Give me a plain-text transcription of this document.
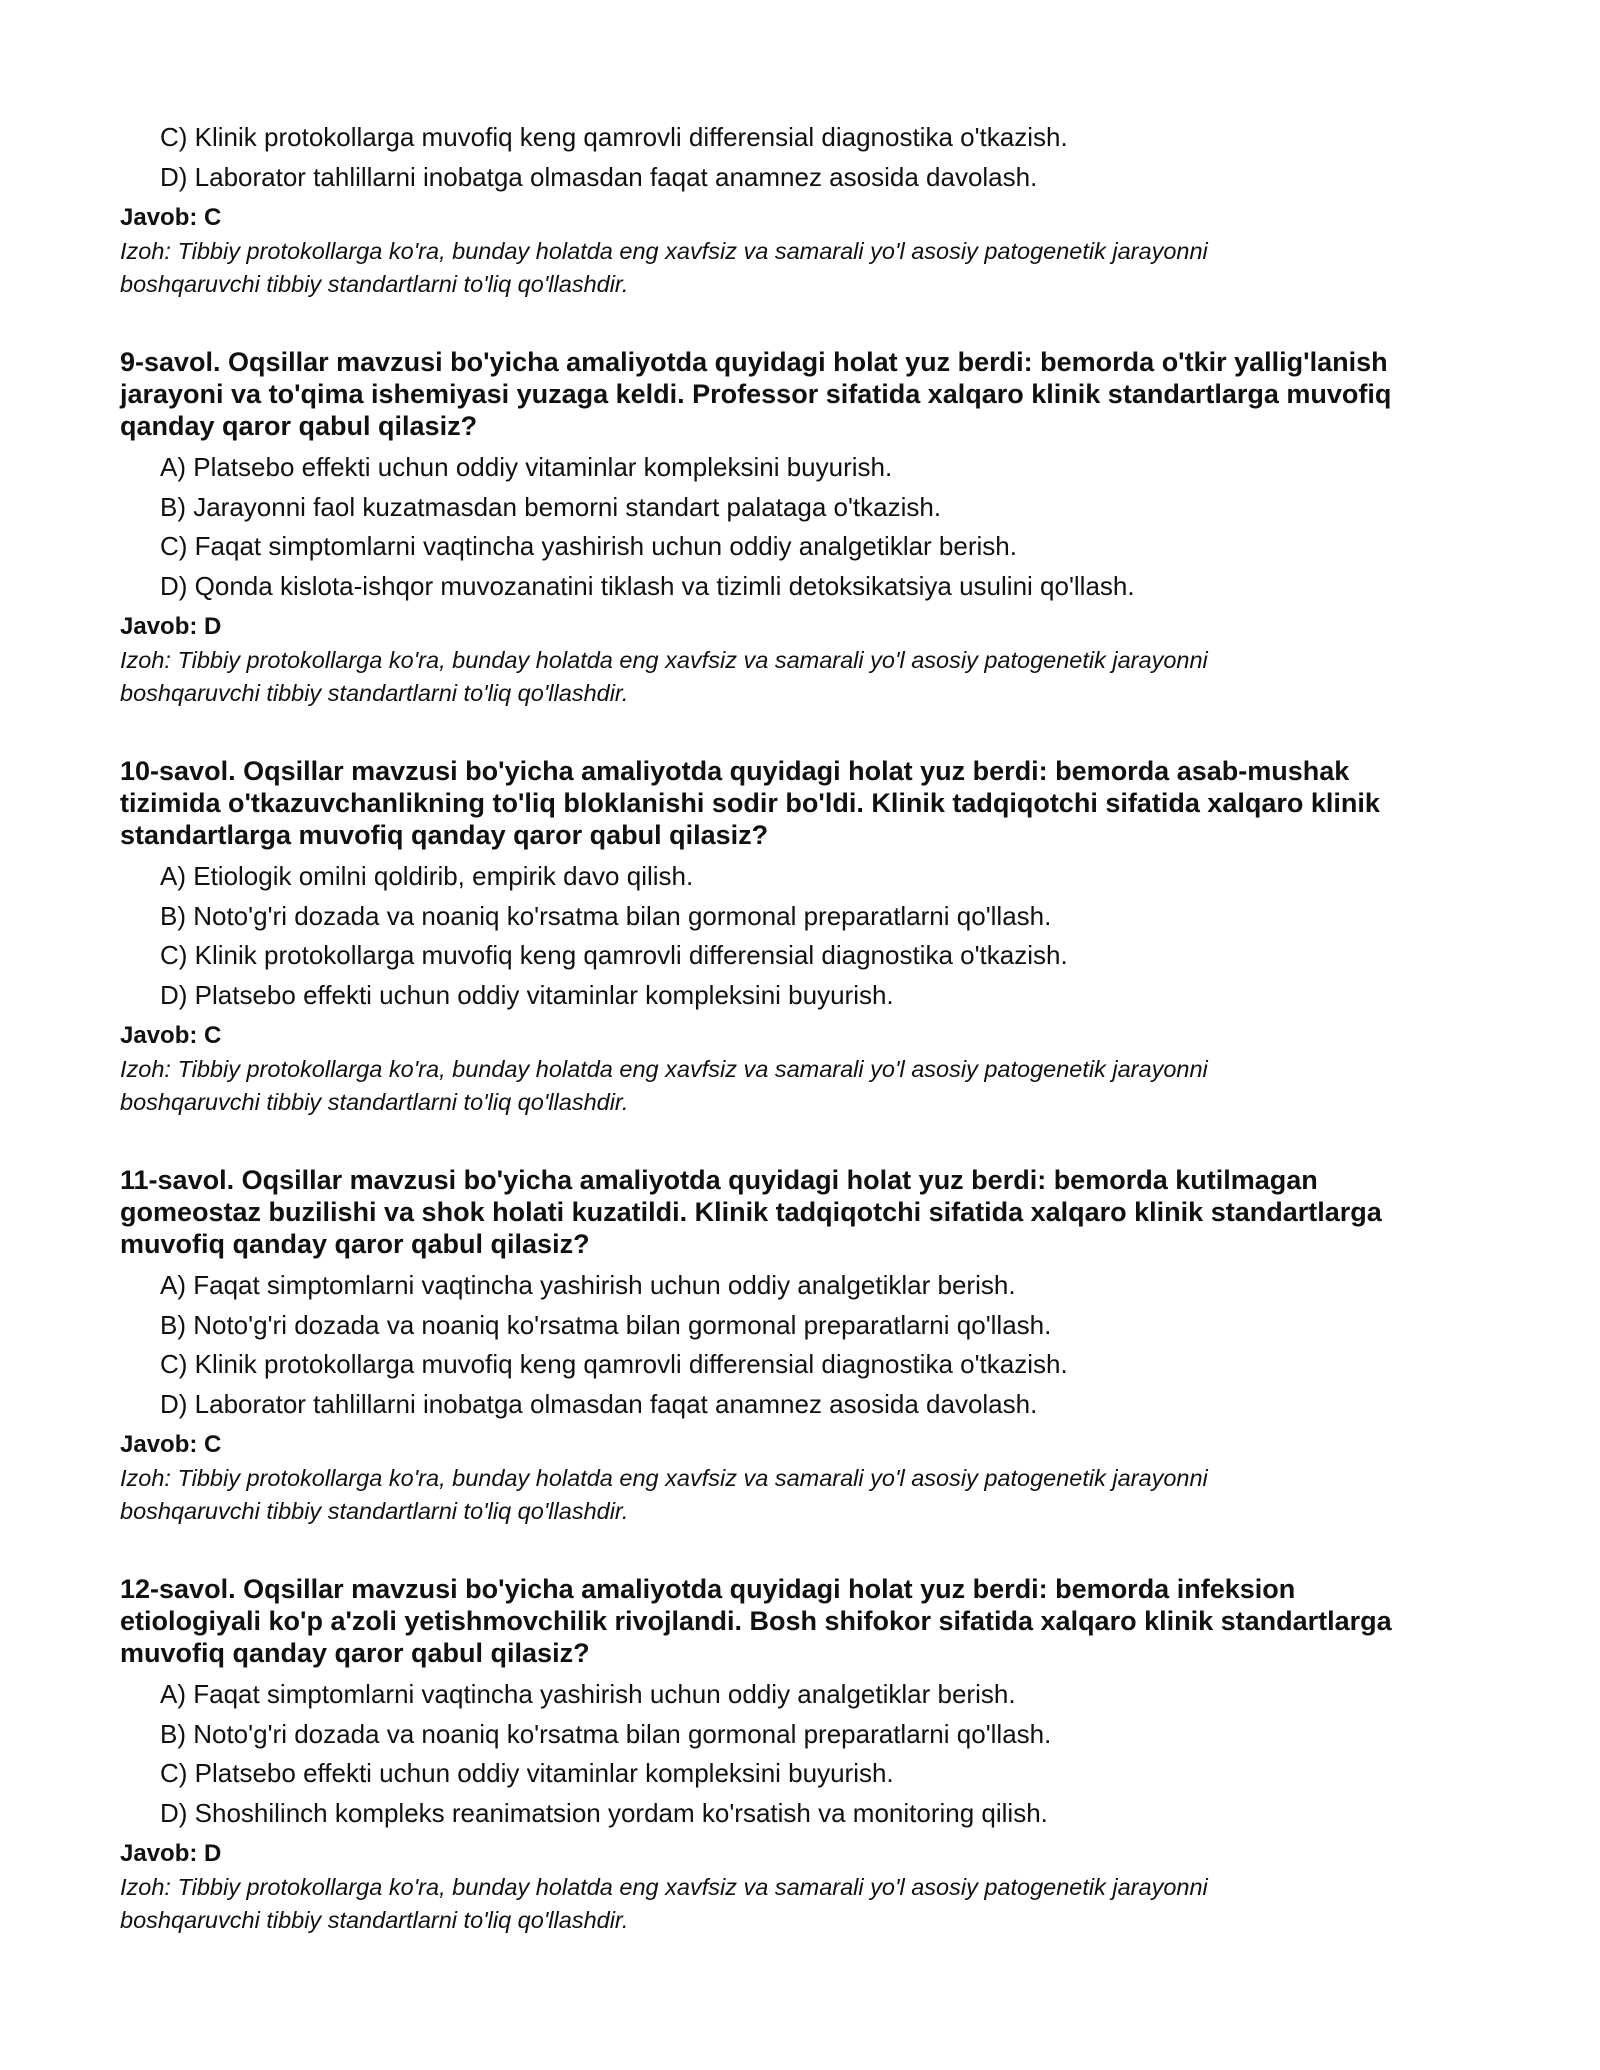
C) Klinik protokollarga muvofiq keng qamrovli differensial diagnostika o'tkazish.
D) Laborator tahlillarni inobatga olmasdan faqat anamnez asosida davolash.
Javob: C
Izoh: Tibbiy protokollarga ko'ra, bunday holatda eng xavfsiz va samarali yo'l asosiy patogenetik jarayonni
boshqaruvchi tibbiy standartlarni to'liq qo'llashdir.
9-savol. Oqsillar mavzusi bo'yicha amaliyotda quyidagi holat yuz berdi: bemorda o'tkir yallig'lanish
jarayoni va to'qima ishemiyasi yuzaga keldi. Professor sifatida xalqaro klinik standartlarga muvofiq
qanday qaror qabul qilasiz?
A) Platsebo effekti uchun oddiy vitaminlar kompleksini buyurish.
B) Jarayonni faol kuzatmasdan bemorni standart palataga o'tkazish.
C) Faqat simptomlarni vaqtincha yashirish uchun oddiy analgetiklar berish.
D) Qonda kislota-ishqor muvozanatini tiklash va tizimli detoksikatsiya usulini qo'llash.
Javob: D
Izoh: Tibbiy protokollarga ko'ra, bunday holatda eng xavfsiz va samarali yo'l asosiy patogenetik jarayonni
boshqaruvchi tibbiy standartlarni to'liq qo'llashdir.
10-savol. Oqsillar mavzusi bo'yicha amaliyotda quyidagi holat yuz berdi: bemorda asab-mushak
tizimida o'tkazuvchanlikning to'liq bloklanishi sodir bo'ldi. Klinik tadqiqotchi sifatida xalqaro klinik
standartlarga muvofiq qanday qaror qabul qilasiz?
A) Etiologik omilni qoldirib, empirik davo qilish.
B) Noto'g'ri dozada va noaniq ko'rsatma bilan gormonal preparatlarni qo'llash.
C) Klinik protokollarga muvofiq keng qamrovli differensial diagnostika o'tkazish.
D) Platsebo effekti uchun oddiy vitaminlar kompleksini buyurish.
Javob: C
Izoh: Tibbiy protokollarga ko'ra, bunday holatda eng xavfsiz va samarali yo'l asosiy patogenetik jarayonni
boshqaruvchi tibbiy standartlarni to'liq qo'llashdir.
11-savol. Oqsillar mavzusi bo'yicha amaliyotda quyidagi holat yuz berdi: bemorda kutilmagan
gomeostaz buzilishi va shok holati kuzatildi. Klinik tadqiqotchi sifatida xalqaro klinik standartlarga
muvofiq qanday qaror qabul qilasiz?
A) Faqat simptomlarni vaqtincha yashirish uchun oddiy analgetiklar berish.
B) Noto'g'ri dozada va noaniq ko'rsatma bilan gormonal preparatlarni qo'llash.
C) Klinik protokollarga muvofiq keng qamrovli differensial diagnostika o'tkazish.
D) Laborator tahlillarni inobatga olmasdan faqat anamnez asosida davolash.
Javob: C
Izoh: Tibbiy protokollarga ko'ra, bunday holatda eng xavfsiz va samarali yo'l asosiy patogenetik jarayonni
boshqaruvchi tibbiy standartlarni to'liq qo'llashdir.
12-savol. Oqsillar mavzusi bo'yicha amaliyotda quyidagi holat yuz berdi: bemorda infeksion
etiologiyali ko'p a'zoli yetishmovchilik rivojlandi. Bosh shifokor sifatida xalqaro klinik standartlarga
muvofiq qanday qaror qabul qilasiz?
A) Faqat simptomlarni vaqtincha yashirish uchun oddiy analgetiklar berish.
B) Noto'g'ri dozada va noaniq ko'rsatma bilan gormonal preparatlarni qo'llash.
C) Platsebo effekti uchun oddiy vitaminlar kompleksini buyurish.
D) Shoshilinch kompleks reanimatsion yordam ko'rsatish va monitoring qilish.
Javob: D
Izoh: Tibbiy protokollarga ko'ra, bunday holatda eng xavfsiz va samarali yo'l asosiy patogenetik jarayonni
boshqaruvchi tibbiy standartlarni to'liq qo'llashdir.
